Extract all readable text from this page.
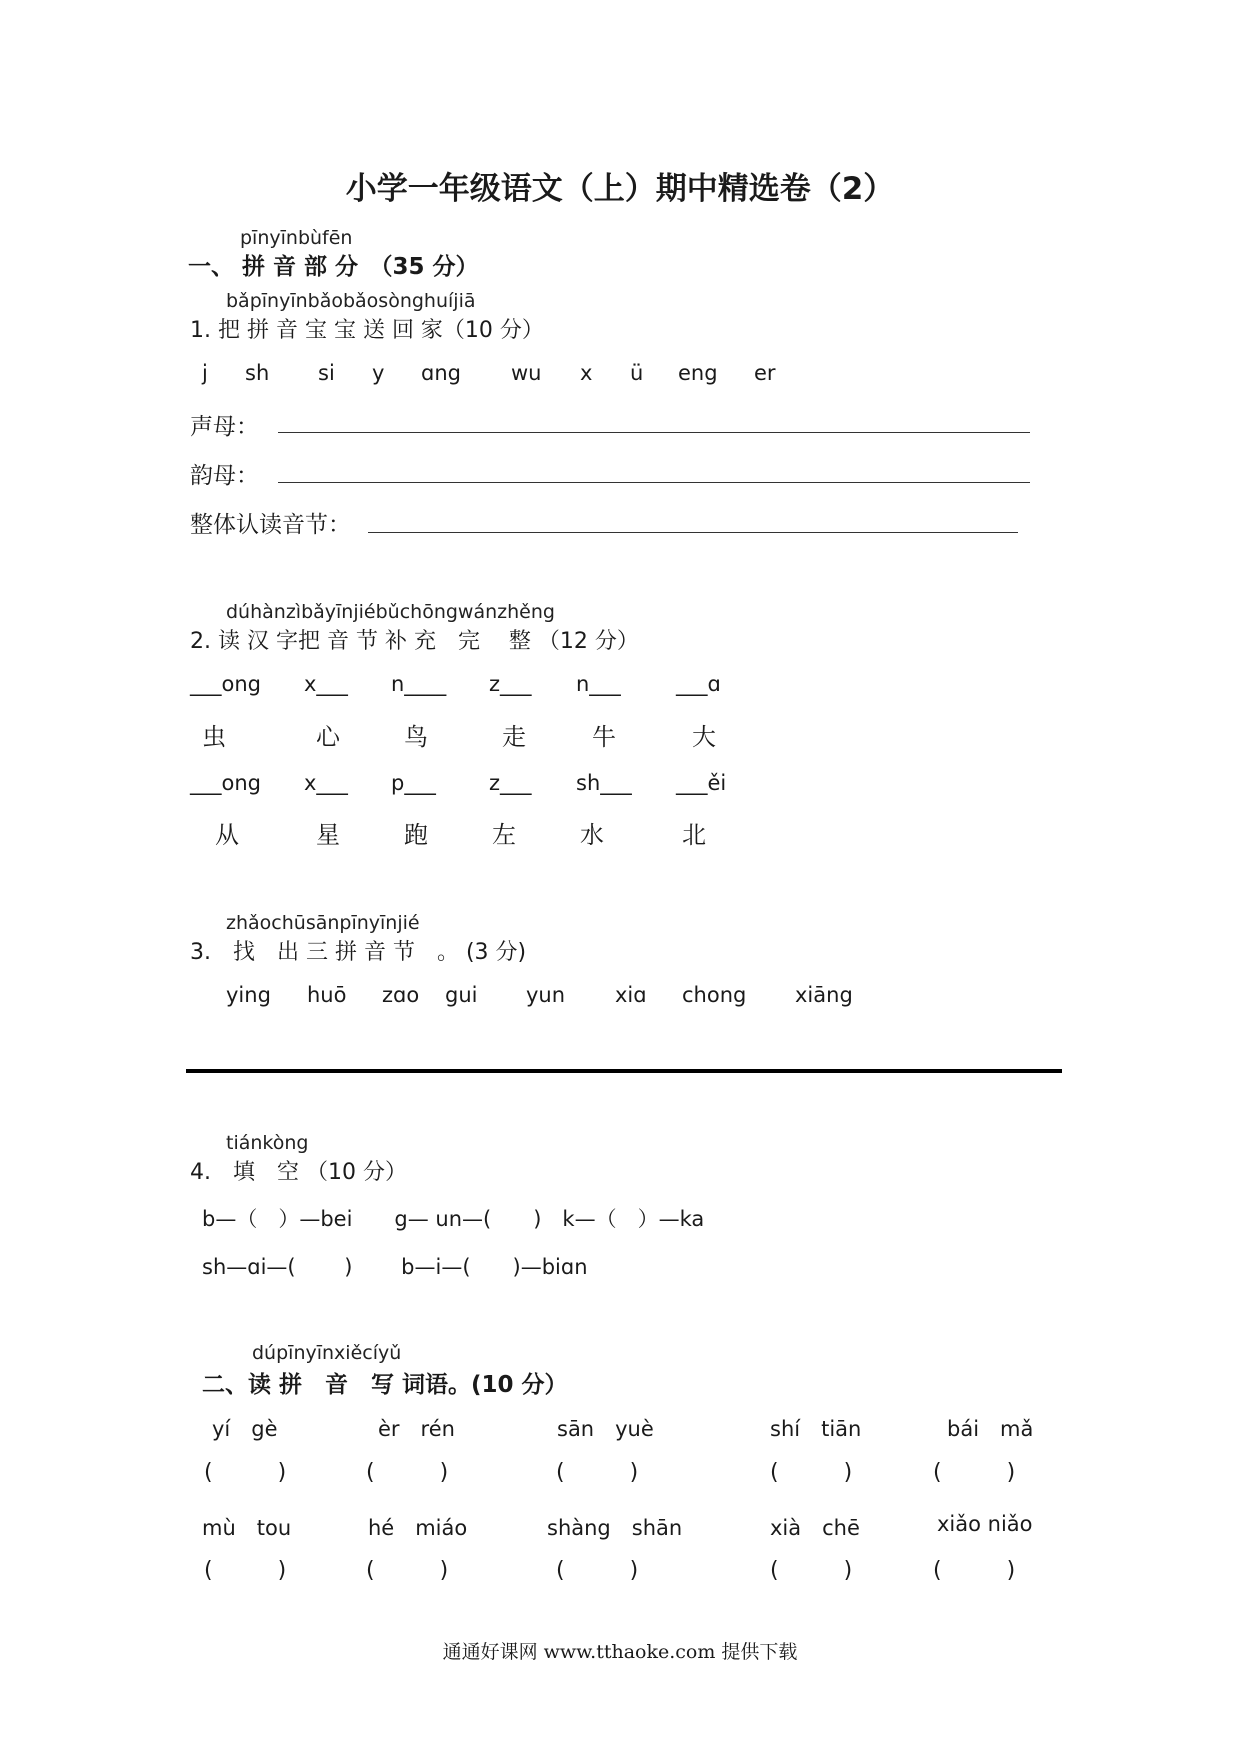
小学一年级语文（上）期中精选卷（2）
pīnyīnbùfēn
一、 拼 音 部 分　（35 分）
bǎpīnyīnbǎobǎosònghuíjiā
1. 把 拼 音 宝 宝 送 回 家（10 分）
j sh si y ɑng wu x ü eng er
声母：
韵母：
整体认读音节：
dúhànzìbǎyīnjiébǔchōngwánzhěng
2. 读 汉 字把 音 节 补 充　完　 整 （12 分）
___ong x___ n____ z___ n___	___ɑ
虫	心	鸟	走	牛	大
___ong x___ p___	z___ sh___ ___ěi
从	星	跑	左	水	北
zhǎochūsānpīnyīnjié
3.　找　出 三 拼 音 节　。 (3 分)
ying huō zɑo gui yun xiɑ chong xiāng
tiánkòng
4.　填　空 （10 分）
b—（　）—bei　　g— un—(　　)　k—（　）—ka
sh—ɑi—(　　 )　　 b—i—(　　)—biɑn
dúpīnyīnxiěcíyǔ
二、读 拼　音　写 词语。(10 分）
yí　gè	èr　rén	sān　yuè	shí　tiān	bái　mǎ
( )	( )	( )	( )	( )
mù　tou	hé　miáo	shàng　shān	xià　chē	xiǎo niǎo
( )	( )	( )	( )	( )
通通好课网 www.tthaoke.com 提供下载
